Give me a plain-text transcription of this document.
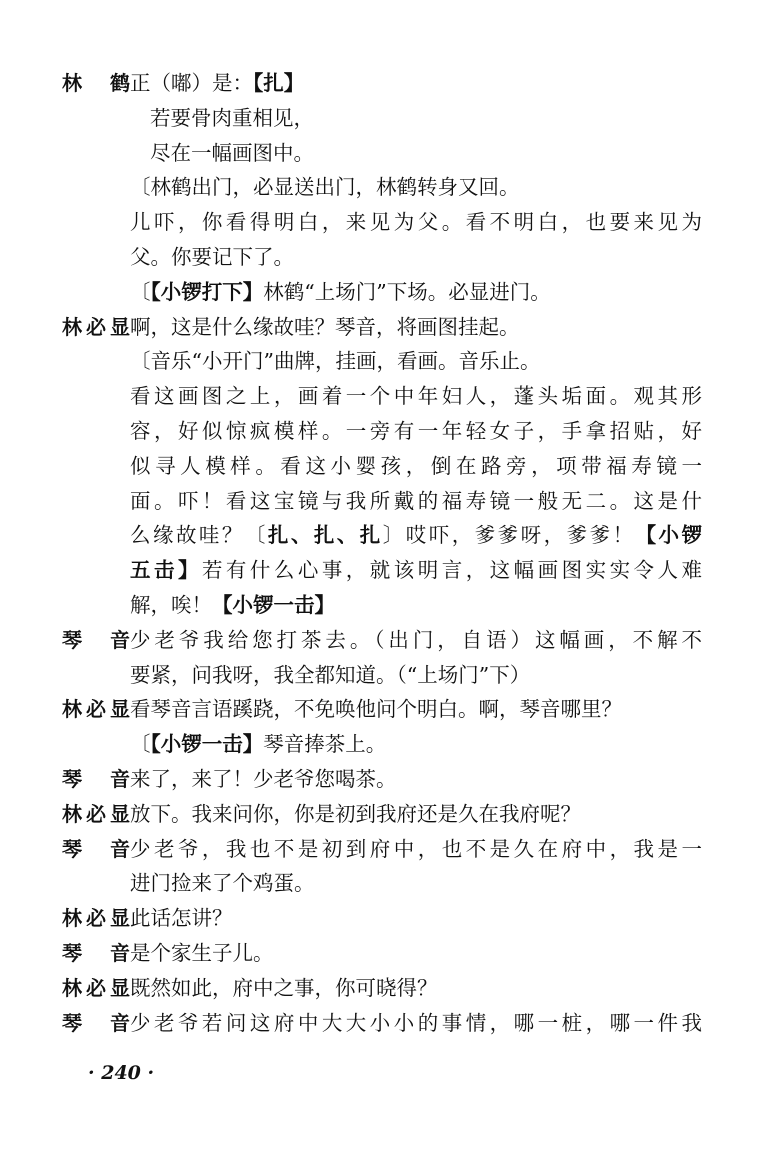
林　鹤 正（嘟）是：【扎】
若要骨肉重相见，
尽在一幅画图中。
〔林鹤出门，必显送出门，林鹤转身又回。
儿吓，你看得明白，来见为父。看不明白，也要来见为
父。你要记下了。
〔【小锣打下】林鹤“上场门”下场。必显进门。
林必显 啊，这是什么缘故哇？琴音，将画图挂起。
〔音乐“小开门”曲牌，挂画，看画。音乐止。
看这画图之上，画着一个中年妇人，蓬头垢面。观其形
容，好似惊疯模样。一旁有一年轻女子，手拿招贴，好
似寻人模样。看这小婴孩，倒在路旁，项带福寿镜一
面。吓！看这宝镜与我所戴的福寿镜一般无二。这是什
么缘故哇？〔扎、扎、扎〕哎吓，爹爹呀，爹爹！【小锣
五击】若有什么心事，就该明言，这幅画图实实令人难
解，唉！【小锣一击】
琴　音 少老爷我给您打茶去。（出门，自语）这幅画，不解不
要紧，问我呀，我全都知道。（“上场门”下）
林必显 看琴音言语蹊跷，不免唤他问个明白。啊，琴音哪里？
〔【小锣一击】琴音捧茶上。
琴　音 来了，来了！少老爷您喝茶。
林必显 放下。我来问你，你是初到我府还是久在我府呢？
琴　音 少老爷，我也不是初到府中，也不是久在府中，我是一
进门捡来了个鸡蛋。
林必显 此话怎讲？
琴　音 是个家生子儿。
林必显 既然如此，府中之事，你可晓得？
琴　音 少老爷若问这府中大大小小的事情，哪一桩，哪一件我
· 240 ·
